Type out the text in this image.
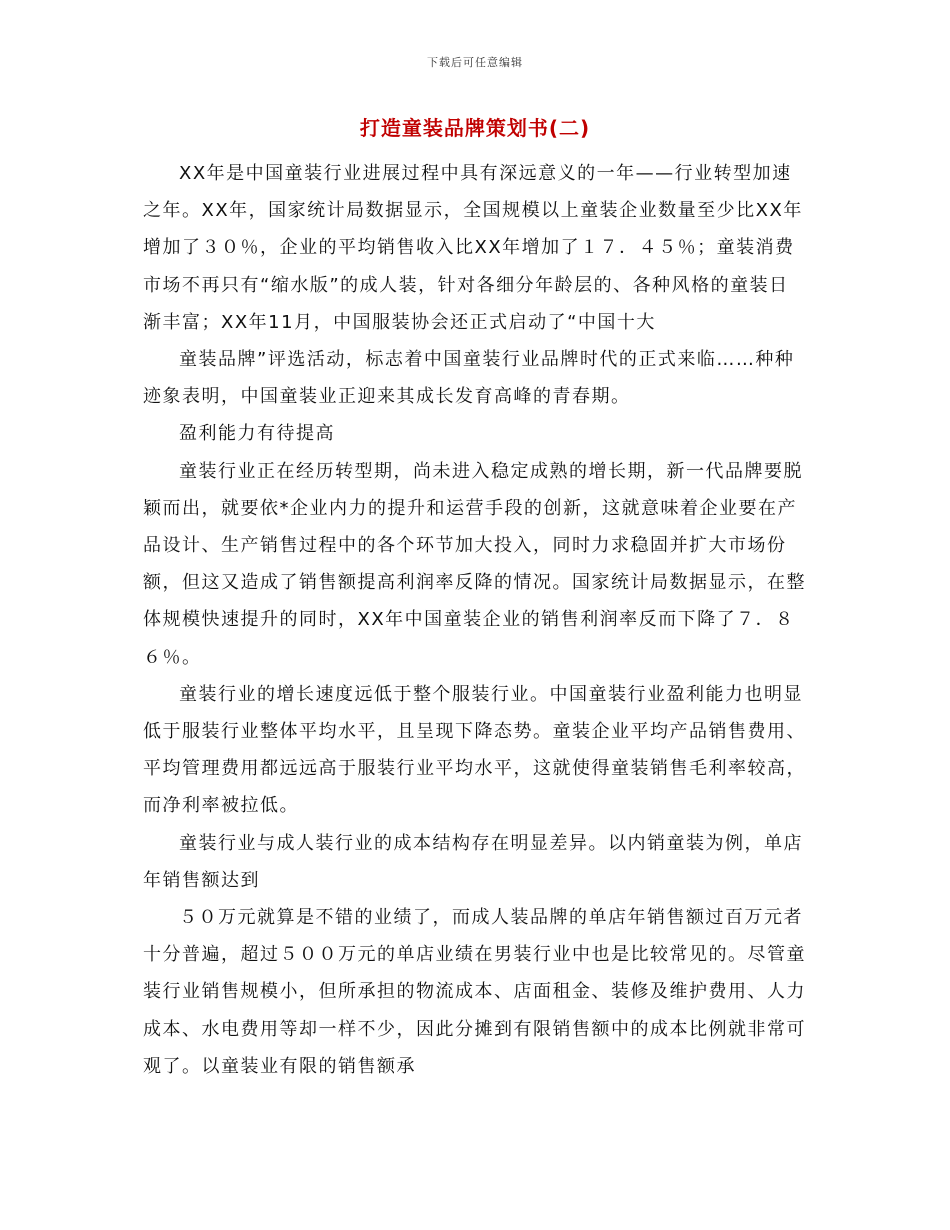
下载后可任意编辑
打造童装品牌策划书(二)

XX年是中国童装行业进展过程中具有深远意义的一年——行业转型加速之年。XX年，国家统计局数据显示，全国规模以上童装企业数量至少比XX年增加了３０％，企业的平均销售收入比XX年增加了１７．４５％；童装消费市场不再只有“缩水版”的成人装，针对各细分年龄层的、各种风格的童装日渐丰富；XX年11月，中国服装协会还正式启动了“中国十大

童装品牌”评选活动，标志着中国童装行业品牌时代的正式来临……种种迹象表明，中国童装业正迎来其成长发育高峰的青春期。

盈利能力有待提高

童装行业正在经历转型期，尚未进入稳定成熟的增长期，新一代品牌要脱颖而出，就要依*企业内力的提升和运营手段的创新，这就意味着企业要在产品设计、生产销售过程中的各个环节加大投入，同时力求稳固并扩大市场份额，但这又造成了销售额提高利润率反降的情况。国家统计局数据显示，在整体规模快速提升的同时，XX年中国童装企业的销售利润率反而下降了７．８６％。

童装行业的增长速度远低于整个服装行业。中国童装行业盈利能力也明显低于服装行业整体平均水平，且呈现下降态势。童装企业平均产品销售费用、平均管理费用都远远高于服装行业平均水平，这就使得童装销售毛利率较高，而净利率被拉低。

童装行业与成人装行业的成本结构存在明显差异。以内销童装为例，单店年销售额达到

５０万元就算是不错的业绩了，而成人装品牌的单店年销售额过百万元者十分普遍，超过５００万元的单店业绩在男装行业中也是比较常见的。尽管童装行业销售规模小，但所承担的物流成本、店面租金、装修及维护费用、人力成本、水电费用等却一样不少，因此分摊到有限销售额中的成本比例就非常可观了。以童装业有限的销售额承
